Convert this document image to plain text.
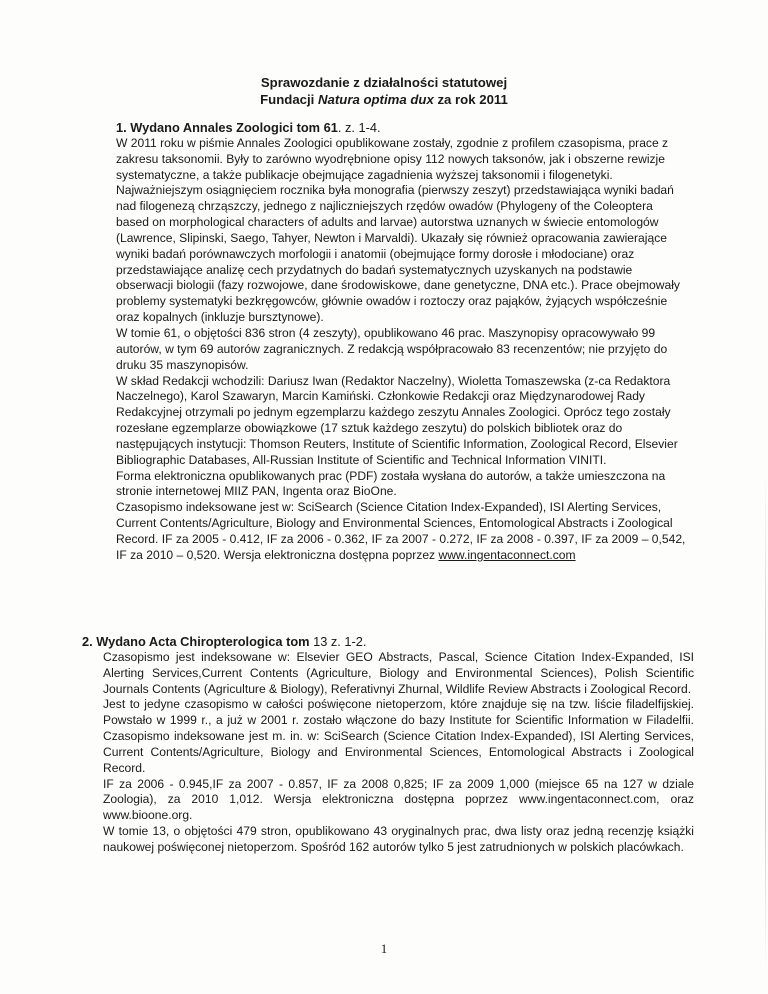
Sprawozdanie z działalności statutowej
Fundacji Natura optima dux za rok 2011

1. Wydano Annales Zoologici tom 61. z. 1-4.

W 2011 roku w piśmie Annales Zoologici opublikowane zostały, zgodnie z profilem czasopisma, prace z zakresu taksonomii. Były to zarówno wyodrębnione opisy 112 nowych taksonów, jak i obszerne rewizje systematyczne, a także publikacje obejmujące zagadnienia wyższej taksonomii i filogenetyki. Najważniejszym osiągnięciem rocznika była monografia (pierwszy zeszyt) przedstawiająca wyniki badań nad filogenezą chrząszczy, jednego z najliczniejszych rzędów owadów (Phylogeny of the Coleoptera based on morphological characters of adults and larvae) autorstwa uznanych w świecie entomologów (Lawrence, Slipinski, Saego, Tahyer, Newton i Marvaldi). Ukazały się również opracowania zawierające wyniki badań porównawczych morfologii i anatomii (obejmujące formy dorosłe i młodociane) oraz przedstawiające analizę cech przydatnych do badań systematycznych uzyskanych na podstawie obserwacji biologii (fazy rozwojowe, dane środowiskowe, dane genetyczne, DNA etc.). Prace obejmowały problemy systematyki bezkręgowców, głównie owadów i roztoczy oraz pająków, żyjących współcześnie oraz kopalnych (inkluzje bursztynowe).

W tomie 61, o objętości 836 stron (4 zeszyty), opublikowano 46 prac. Maszynopisy opracowywało 99 autorów, w tym 69 autorów zagranicznych. Z redakcją współpracowało 83 recenzentów; nie przyjęto do druku 35 maszynopisów.

W skład Redakcji wchodzili: Dariusz Iwan (Redaktor Naczelny), Wioletta Tomaszewska (z-ca Redaktora Naczelnego), Karol Szawaryn, Marcin Kamiński. Członkowie Redakcji oraz Międzynarodowej Rady Redakcyjnej otrzymali po jednym egzemplarzu każdego zeszytu Annales Zoologici. Oprócz tego zostały rozesłane egzemplarze obowiązkowe (17 sztuk każdego zeszytu) do polskich bibliotek oraz do następujących instytucji: Thomson Reuters, Institute of Scientific Information, Zoological Record, Elsevier Bibliographic Databases, All-Russian Institute of Scientific and Technical Information VINITI.

Forma elektroniczna opublikowanych prac (PDF) została wysłana do autorów, a także umieszczona na stronie internetowej MIIZ PAN, Ingenta oraz BioOne.

Czasopismo indeksowane jest w: SciSearch (Science Citation Index-Expanded), ISI Alerting Services, Current Contents/Agriculture, Biology and Environmental Sciences, Entomological Abstracts i Zoological Record. IF za 2005 - 0.412, IF za 2006 - 0.362, IF za 2007 - 0.272, IF za 2008 - 0.397, IF za 2009 – 0,542, IF za 2010 – 0,520. Wersja elektroniczna dostępna poprzez www.ingentaconnect.com

2. Wydano Acta Chiropterologica tom 13 z. 1-2.

Czasopismo jest indeksowane w: Elsevier GEO Abstracts, Pascal, Science Citation Index-Expanded, ISI Alerting Services,Current Contents (Agriculture, Biology and Environmental Sciences), Polish Scientific Journals Contents (Agriculture & Biology), Referativnyi Zhurnal, Wildlife Review Abstracts i Zoological Record.

Jest to jedyne czasopismo w całości poświęcone nietoperzom, które znajduje się na tzw. liście filadelfijskiej. Powstało w 1999 r., a już w 2001 r. zostało włączone do bazy Institute for Scientific Information w Filadelfii. Czasopismo indeksowane jest m. in. w: SciSearch (Science Citation Index-Expanded), ISI Alerting Services, Current Contents/Agriculture, Biology and Environmental Sciences, Entomological Abstracts i Zoological Record.

IF za 2006 - 0.945,IF za 2007 - 0.857, IF za 2008 0,825; IF za 2009 1,000 (miejsce 65 na 127 w dziale Zoologia), za 2010 1,012. Wersja elektroniczna dostępna poprzez www.ingentaconnect.com, oraz www.bioone.org.

W tomie 13, o objętości 479 stron, opublikowano 43 oryginalnych prac, dwa listy oraz jedną recenzję książki naukowej poświęconej nietoperzom. Spośród 162 autorów tylko 5 jest zatrudnionych w polskich placówkach.

1
